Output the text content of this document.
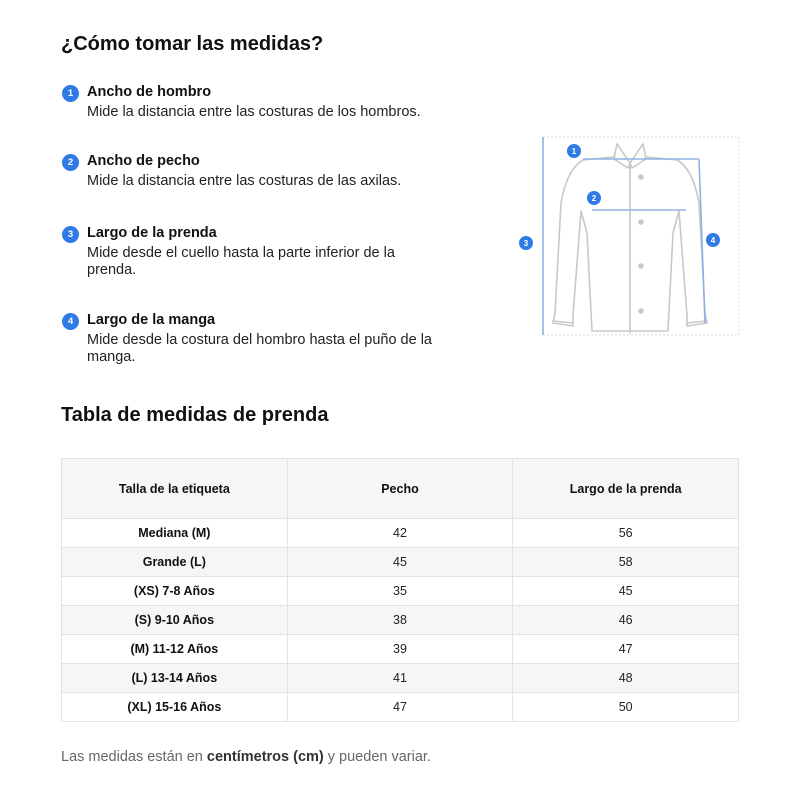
¿Cómo tomar las medidas?
1 Ancho de hombro
Mide la distancia entre las costuras de los hombros.
2 Ancho de pecho
Mide la distancia entre las costuras de las axilas.
3 Largo de la prenda
Mide desde el cuello hasta la parte inferior de la prenda.
4 Largo de la manga
Mide desde la costura del hombro hasta el puño de la manga.
1
2
3	4
Tabla de medidas de prenda
Talla de la etiqueta	Pecho	Largo de la prenda
Mediana (M)	42	56
Grande (L)	45	58
(XS) 7-8 Años	35	45
(S) 9-10 Años	38	46
(M) 11-12 Años	39	47
(L) 13-14 Años	41	48
(XL) 15-16 Años	47	50
Las medidas están en centímetros (cm) y pueden variar.
